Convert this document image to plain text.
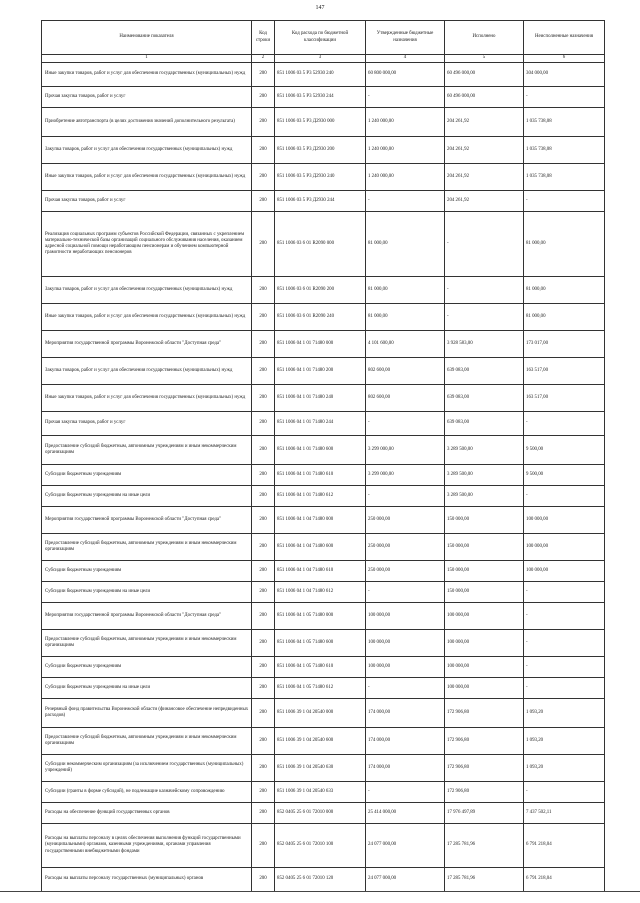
147
Наименование показателя	Код строки	Код расхода по бюджетной классификации	Утвержденные бюджетные назначения	Исполнено	Неисполненные назначения
1	2	3	4	5	6
Иные закупки товаров, работ и услуг для обеспечения государственных (муниципальных) нужд	200	851 1006 03 5 P3 52930 240	60 800 000,00	60 496 000,00	304 000,00
Прочая закупка товаров, работ и услуг	200	851 1006 03 5 P3 52930 244	-	60 496 000,00	-
Приобретение автотранспорта (в целях достижения значений дополнительного результата)	200	851 1006 03 5 P3 Д2930 000	1 240 000,00	204 261,92	1 035 738,08
Закупка товаров, работ и услуг для обеспечения государственных (муниципальных) нужд	200	851 1006 03 5 P3 Д2930 200	1 240 000,00	204 261,92	1 035 738,08
Иные закупки товаров, работ и услуг для обеспечения государственных (муниципальных) нужд	200	851 1006 03 5 P3 Д2930 240	1 240 000,00	204 261,92	1 035 738,08
Прочая закупка товаров, работ и услуг	200	851 1006 03 5 P3 Д2930 244	-	204 261,92	-
Реализация социальных программ субъектов Российской Федерации, связанных с укреплением материально-технической базы организаций социального обслуживания населения, оказанием адресной социальной помощи неработающим пенсионерам и обучением компьютерной грамотности неработающих пенсионеров	200	851 1006 03 6 01 R2090 000	81 000,00	-	81 000,00
Закупка товаров, работ и услуг для обеспечения государственных (муниципальных) нужд	200	851 1006 03 6 01 R2090 200	81 000,00	-	81 000,00
Иные закупки товаров, работ и услуг для обеспечения государственных (муниципальных) нужд	200	851 1006 03 6 01 R2090 240	81 000,00	-	81 000,00
Мероприятия государственной программы Воронежской области "Доступная среда"	200	851 1006 04 1 01 71480 000	4 101 600,00	3 928 583,00	173 017,00
Закупка товаров, работ и услуг для обеспечения государственных (муниципальных) нужд	200	851 1006 04 1 01 71480 200	802 600,00	639 083,00	163 517,00
Иные закупки товаров, работ и услуг для обеспечения государственных (муниципальных) нужд	200	851 1006 04 1 01 71480 240	802 600,00	639 083,00	163 517,00
Прочая закупка товаров, работ и услуг	200	851 1006 04 1 01 71480 244	-	639 083,00	-
Предоставление субсидий бюджетным, автономным учреждениям и иным некоммерческим организациям	200	851 1006 04 1 01 71480 600	3 299 000,00	3 289 500,00	9 500,00
Субсидии бюджетным учреждениям	200	851 1006 04 1 01 71480 610	3 299 000,00	3 289 500,00	9 500,00
Субсидии бюджетным учреждениям на иные цели	200	851 1006 04 1 01 71480 612	-	3 289 500,00	-
Мероприятия государственной программы Воронежской области "Доступная среда"	200	851 1006 04 1 04 71480 000	250 000,00	150 000,00	100 000,00
Предоставление субсидий бюджетным, автономным учреждениям и иным некоммерческим организациям	200	851 1006 04 1 04 71480 600	250 000,00	150 000,00	100 000,00
Субсидии бюджетным учреждениям	200	851 1006 04 1 04 71480 610	250 000,00	150 000,00	100 000,00
Субсидии бюджетным учреждениям на иные цели	200	851 1006 04 1 04 71480 612	-	150 000,00	-
Мероприятия государственной программы Воронежской области "Доступная среда"	200	851 1006 04 1 05 71480 000	100 000,00	100 000,00	-
Предоставление субсидий бюджетным, автономным учреждениям и иным некоммерческим организациям	200	851 1006 04 1 05 71480 600	100 000,00	100 000,00	-
Субсидии бюджетным учреждениям	200	851 1006 04 1 05 71480 610	100 000,00	100 000,00	-
Субсидии бюджетным учреждениям на иные цели	200	851 1006 04 1 05 71480 612	-	100 000,00	-
Резервный фонд правительства Воронежской области (финансовое обеспечение непредвиденных расходов)	200	851 1006 39 1 04 20540 000	174 000,00	172 906,80	1 093,20
Предоставление субсидий бюджетным, автономным учреждениям и иным некоммерческим организациям	200	851 1006 39 1 04 20540 600	174 000,00	172 906,80	1 093,20
Субсидии некоммерческим организациям (за исключением государственных (муниципальных) учреждений)	200	851 1006 39 1 04 20540 630	174 000,00	172 906,80	1 093,20
Субсидии (гранты в форме субсидий), не подлежащие казначейскому сопровождению	200	851 1006 39 1 04 20540 633	-	172 906,80	-
Расходы на обеспечение функций государственных органов	200	852 0405 25 6 01 72010 000	25 414 000,00	17 976 497,89	7 437 502,11
Расходы на выплаты персоналу в целях обеспечения выполнения функций государственными (муниципальными) органами, казенными учреждениями, органами управления государственными внебюджетными фондами	200	852 0405 25 6 01 72010 100	24 077 000,00	17 285 781,96	6 791 218,04
Расходы на выплаты персоналу государственных (муниципальных) органов	200	852 0405 25 6 01 72010 120	24 077 000,00	17 285 781,96	6 791 218,04
